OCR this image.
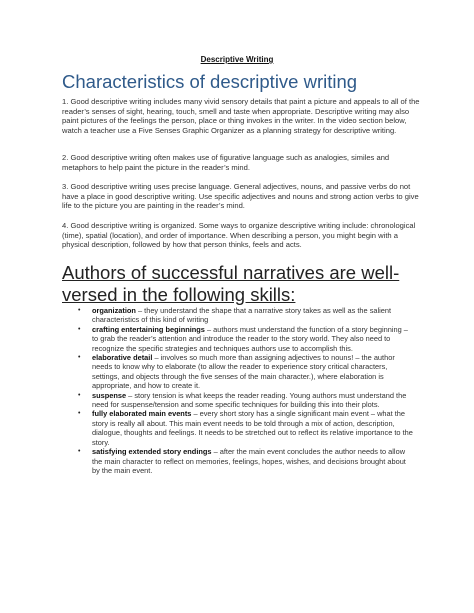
Descriptive Writing
Characteristics of descriptive writing
1. Good descriptive writing includes many vivid sensory details that paint a picture and appeals to all of the reader’s senses of sight, hearing, touch, smell and taste when appropriate. Descriptive writing may also paint pictures of the feelings the person, place or thing invokes in the writer. In the video section below, watch a teacher use a Five Senses Graphic Organizer as a planning strategy for descriptive writing.
2. Good descriptive writing often makes use of figurative language such as analogies, similes and metaphors to help paint the picture in the reader’s mind.
3. Good descriptive writing uses precise language. General adjectives, nouns, and passive verbs do not have a place in good descriptive writing. Use specific adjectives and nouns and strong action verbs to give life to the picture you are painting in the reader’s mind.
4. Good descriptive writing is organized. Some ways to organize descriptive writing include: chronological (time), spatial (location), and order of importance. When describing a person, you might begin with a physical description, followed by how that person thinks, feels and acts.
Authors of successful narratives are well-versed in the following skills:
• organization – they understand the shape that a narrative story takes as well as the salient characteristics of this kind of writing
• crafting entertaining beginnings – authors must understand the function of a story beginning – to grab the reader’s attention and introduce the reader to the story world. They also need to recognize the specific strategies and techniques authors use to accomplish this.
• elaborative detail – involves so much more than assigning adjectives to nouns! – the author needs to know why to elaborate (to allow the reader to experience story critical characters, settings, and objects through the five senses of the main character.), where elaboration is appropriate, and how to create it.
• suspense – story tension is what keeps the reader reading. Young authors must understand the need for suspense/tension and some specific techniques for building this into their plots.
• fully elaborated main events – every short story has a single significant main event – what the story is really all about. This main event needs to be told through a mix of action, description, dialogue, thoughts and feelings. It needs to be stretched out to reflect its relative importance to the story.
• satisfying extended story endings – after the main event concludes the author needs to allow the main character to reflect on memories, feelings, hopes, wishes, and decisions brought about by the main event.
